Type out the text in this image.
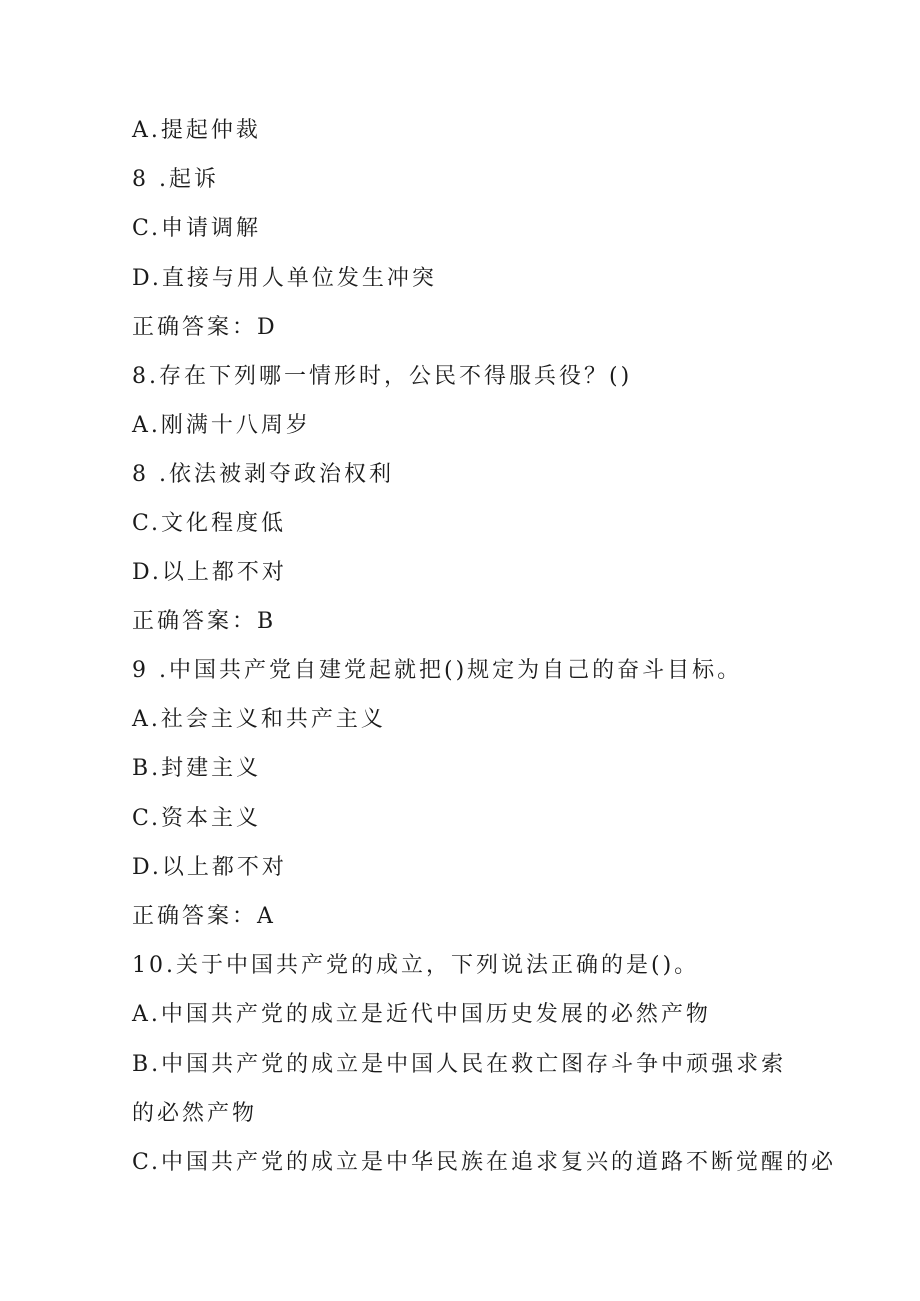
A.提起仲裁
8 .起诉
C.申请调解
D.直接与用人单位发生冲突
正确答案：D
8.存在下列哪一情形时，公民不得服兵役？()
A.刚满十八周岁
8 .依法被剥夺政治权利
C.文化程度低
D.以上都不对
正确答案：B
9 .中国共产党自建党起就把()规定为自己的奋斗目标。
A.社会主义和共产主义
B.封建主义
C.资本主义
D.以上都不对
正确答案：A
10.关于中国共产党的成立，下列说法正确的是()。
A.中国共产党的成立是近代中国历史发展的必然产物
B.中国共产党的成立是中国人民在救亡图存斗争中顽强求索的必然产物
C.中国共产党的成立是中华民族在追求复兴的道路不断觉醒的必
